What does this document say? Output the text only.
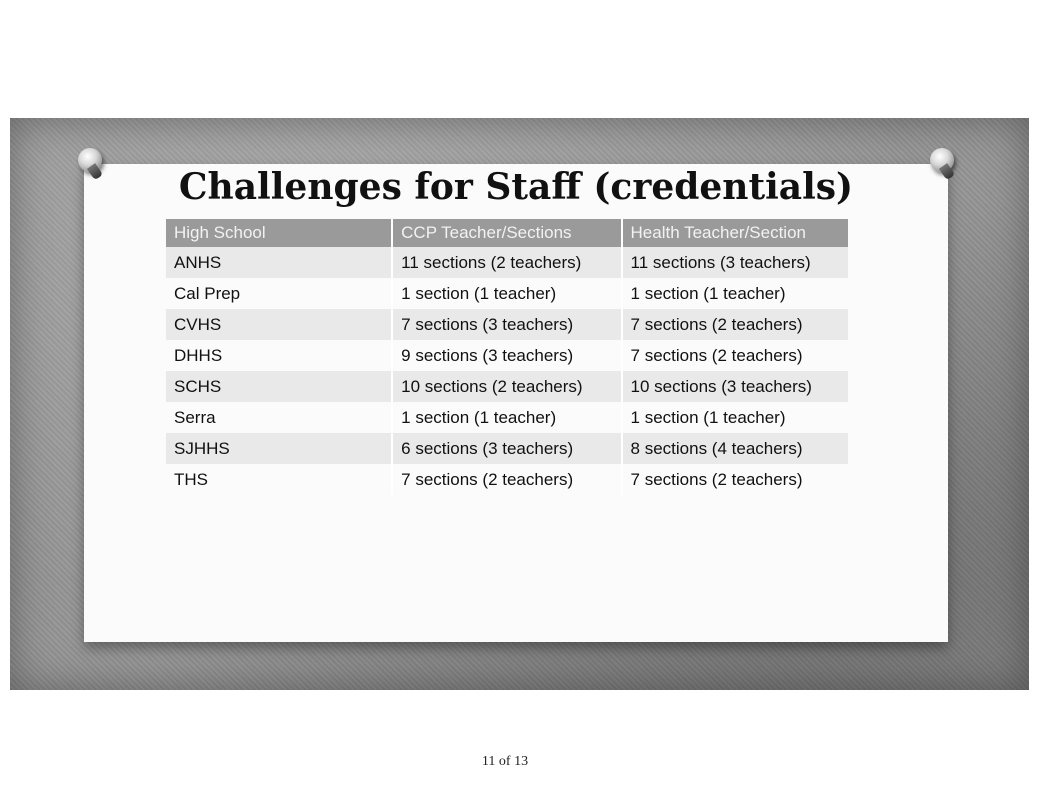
Challenges for Staff (credentials)
High School	CCP Teacher/Sections	Health Teacher/Section
ANHS	11 sections (2 teachers)	11 sections (3 teachers)
Cal Prep	1 section (1 teacher)	1 section (1 teacher)
CVHS	7 sections (3 teachers)	7 sections (2 teachers)
DHHS	9 sections (3 teachers)	7 sections (2 teachers)
SCHS	10 sections (2 teachers)	10 sections (3 teachers)
Serra	1 section (1 teacher)	1 section (1 teacher)
SJHHS	6 sections (3 teachers)	8 sections (4 teachers)
THS	7 sections (2 teachers)	7 sections (2 teachers)
11 of 13
